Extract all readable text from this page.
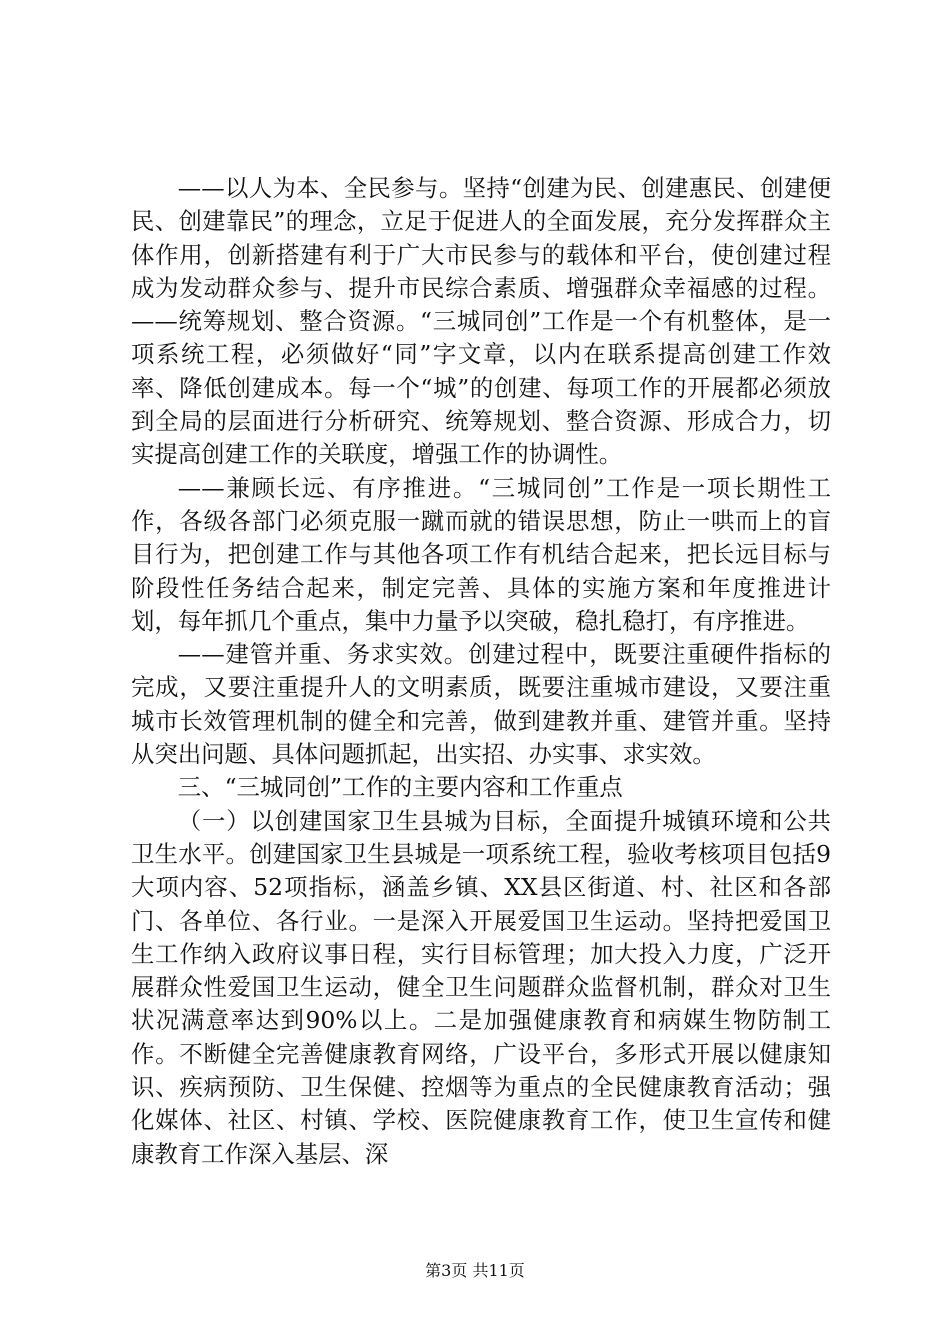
——以人为本、全民参与。坚持“创建为民、创建惠民、创建便民、创建靠民”的理念，立足于促进人的全面发展，充分发挥群众主体作用，创新搭建有利于广大市民参与的载体和平台，使创建过程成为发动群众参与、提升市民综合素质、增强群众幸福感的过程。——统筹规划、整合资源。“三城同创”工作是一个有机整体，是一项系统工程，必须做好“同”字文章，以内在联系提高创建工作效率、降低创建成本。每一个“城”的创建、每项工作的开展都必须放到全局的层面进行分析研究、统筹规划、整合资源、形成合力，切实提高创建工作的关联度，增强工作的协调性。

——兼顾长远、有序推进。“三城同创”工作是一项长期性工作，各级各部门必须克服一蹴而就的错误思想，防止一哄而上的盲目行为，把创建工作与其他各项工作有机结合起来，把长远目标与阶段性任务结合起来，制定完善、具体的实施方案和年度推进计划，每年抓几个重点，集中力量予以突破，稳扎稳打，有序推进。

——建管并重、务求实效。创建过程中，既要注重硬件指标的完成，又要注重提升人的文明素质，既要注重城市建设，又要注重城市长效管理机制的健全和完善，做到建教并重、建管并重。坚持从突出问题、具体问题抓起，出实招、办实事、求实效。

三、“三城同创”工作的主要内容和工作重点

（一）以创建国家卫生县城为目标，全面提升城镇环境和公共卫生水平。创建国家卫生县城是一项系统工程，验收考核项目包括9大项内容、52项指标，涵盖乡镇、XX县区街道、村、社区和各部门、各单位、各行业。一是深入开展爱国卫生运动。坚持把爱国卫生工作纳入政府议事日程，实行目标管理；加大投入力度，广泛开展群众性爱国卫生运动，健全卫生问题群众监督机制，群众对卫生状况满意率达到90%以上。二是加强健康教育和病媒生物防制工作。不断健全完善健康教育网络，广设平台，多形式开展以健康知识、疾病预防、卫生保健、控烟等为重点的全民健康教育活动；强化媒体、社区、村镇、学校、医院健康教育工作，使卫生宣传和健康教育工作深入基层、深

第3页 共11页
